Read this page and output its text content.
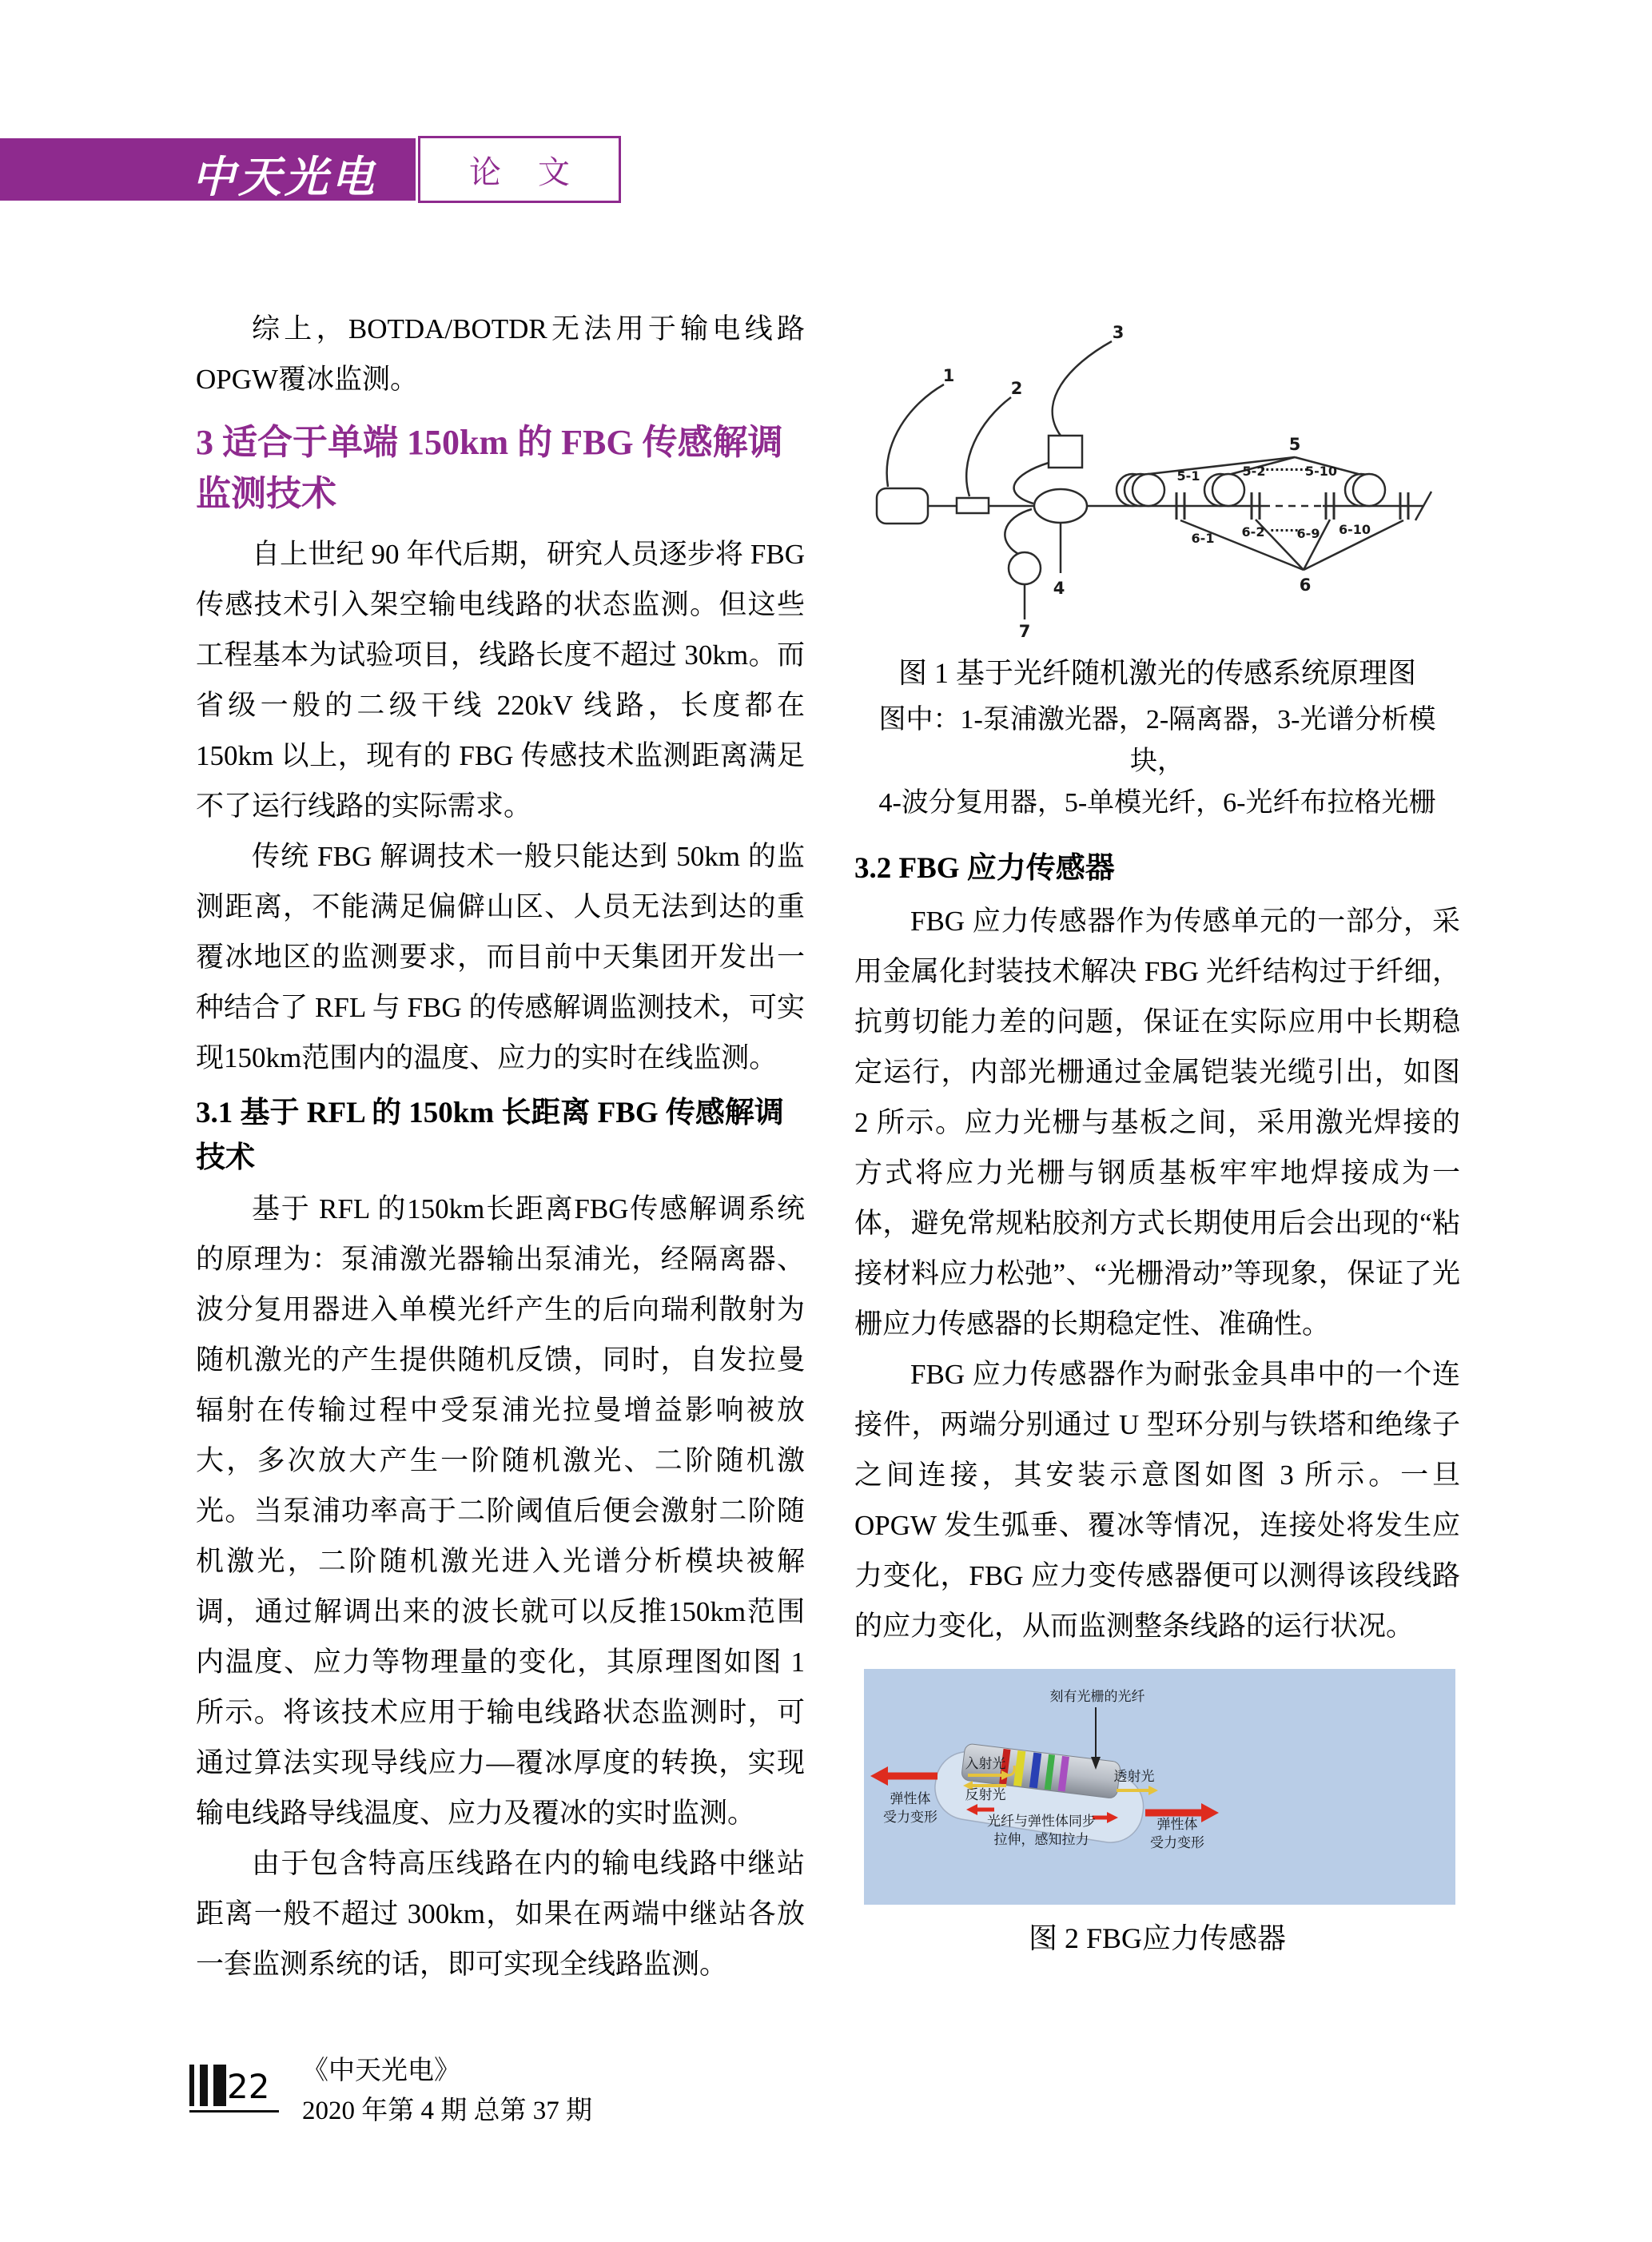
中天光电	论 文

综上，BOTDA/BOTDR无法用于输电线路OPGW覆冰监测。

3 适合于单端 150km 的 FBG 传感解调监测技术

自上世纪 90 年代后期，研究人员逐步将 FBG 传感技术引入架空输电线路的状态监测。但这些工程基本为试验项目，线路长度不超过 30km。而省级一般的二级干线 220kV 线路，长度都在 150km 以上，现有的 FBG 传感技术监测距离满足不了运行线路的实际需求。

传统 FBG 解调技术一般只能达到 50km 的监测距离，不能满足偏僻山区、人员无法到达的重覆冰地区的监测要求，而目前中天集团开发出一种结合了 RFL 与 FBG 的传感解调监测技术，可实现150km范围内的温度、应力的实时在线监测。

3.1 基于 RFL 的 150km 长距离 FBG 传感解调技术

基于 RFL 的150km长距离FBG传感解调系统的原理为：泵浦激光器输出泵浦光，经隔离器、波分复用器进入单模光纤产生的后向瑞利散射为随机激光的产生提供随机反馈，同时，自发拉曼辐射在传输过程中受泵浦光拉曼增益影响被放大，多次放大产生一阶随机激光、二阶随机激光。当泵浦功率高于二阶阈值后便会激射二阶随机激光，二阶随机激光进入光谱分析模块被解调，通过解调出来的波长就可以反推150km范围内温度、应力等物理量的变化，其原理图如图 1 所示。将该技术应用于输电线路状态监测时，可通过算法实现导线应力—覆冰厚度的转换，实现输电线路导线温度、应力及覆冰的实时监测。

由于包含特高压线路在内的输电线路中继站距离一般不超过 300km，如果在两端中继站各放一套监测系统的话，即可实现全线路监测。

1
2
3
4
5
6
7
5-1	5-2
··········
5-10
6-1 6-2 ······
6-9 6-10

图 1 基于光纤随机激光的传感系统原理图

图中：1-泵浦激光器，2-隔离器，3-光谱分析模块，
4-波分复用器，5-单模光纤，6-光纤布拉格光栅

3.2 FBG 应力传感器

FBG 应力传感器作为传感单元的一部分，采用金属化封装技术解决 FBG 光纤结构过于纤细，抗剪切能力差的问题，保证在实际应用中长期稳定运行，内部光栅通过金属铠装光缆引出，如图 2 所示。应力光栅与基板之间，采用激光焊接的方式将应力光栅与钢质基板牢牢地焊接成为一体，避免常规粘胶剂方式长期使用后会出现的“粘接材料应力松弛”、“光栅滑动”等现象，保证了光栅应力传感器的长期稳定性、准确性。

FBG 应力传感器作为耐张金具串中的一个连接件，两端分别通过 U 型环分别与铁塔和绝缘子之间连接，其安装示意图如图 3 所示。一旦 OPGW 发生弧垂、覆冰等情况，连接处将发生应力变化，FBG 应力变传感器便可以测得该段线路的应力变化，从而监测整条线路的运行状况。

刻有光栅的光纤
入射光
反射光
透射光
弹性体
受力变形	光纤与弹性体同步
拉伸，感知拉力
弹性体
受力变形

图 2 FBG应力传感器

22 《中天光电》
2020 年第 4 期 总第 37 期
